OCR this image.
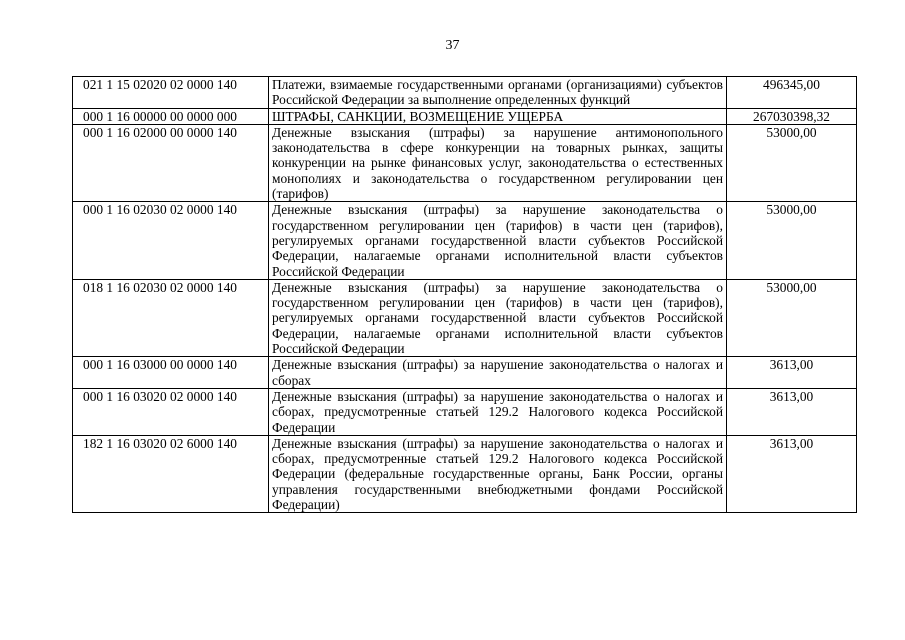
37
021 1 15 02020 02 0000 140	Платежи, взимаемые государственными органами (организациями) субъектов Российской Федерации за выполнение определенных функций	496345,00
000 1 16 00000 00 0000 000	ШТРАФЫ, САНКЦИИ, ВОЗМЕЩЕНИЕ УЩЕРБА	267030398,32
000 1 16 02000 00 0000 140	Денежные взыскания (штрафы) за нарушение антимонопольного законодательства в сфере конкуренции на товарных рынках, защиты конкуренции на рынке финансовых услуг, законодательства о естественных монополиях и законодательства о государственном регулировании цен (тарифов)	53000,00
000 1 16 02030 02 0000 140	Денежные взыскания (штрафы) за нарушение законодательства о государственном регулировании цен (тарифов) в части цен (тарифов), регулируемых органами государственной власти субъектов Российской Федерации, налагаемые органами исполнительной власти субъектов Российской Федерации	53000,00
018 1 16 02030 02 0000 140	Денежные взыскания (штрафы) за нарушение законодательства о государственном регулировании цен (тарифов) в части цен (тарифов), регулируемых органами государственной власти субъектов Российской Федерации, налагаемые органами исполнительной власти субъектов Российской Федерации	53000,00
000 1 16 03000 00 0000 140	Денежные взыскания (штрафы) за нарушение законодательства о налогах и сборах	3613,00
000 1 16 03020 02 0000 140	Денежные взыскания (штрафы) за нарушение законодательства о налогах и сборах, предусмотренные статьей 129.2 Налогового кодекса Российской Федерации	3613,00
182 1 16 03020 02 6000 140	Денежные взыскания (штрафы) за нарушение законодательства о налогах и сборах, предусмотренные статьей 129.2 Налогового кодекса Российской Федерации (федеральные государственные органы, Банк России, органы управления государственными внебюджетными фондами Российской Федерации)	3613,00
